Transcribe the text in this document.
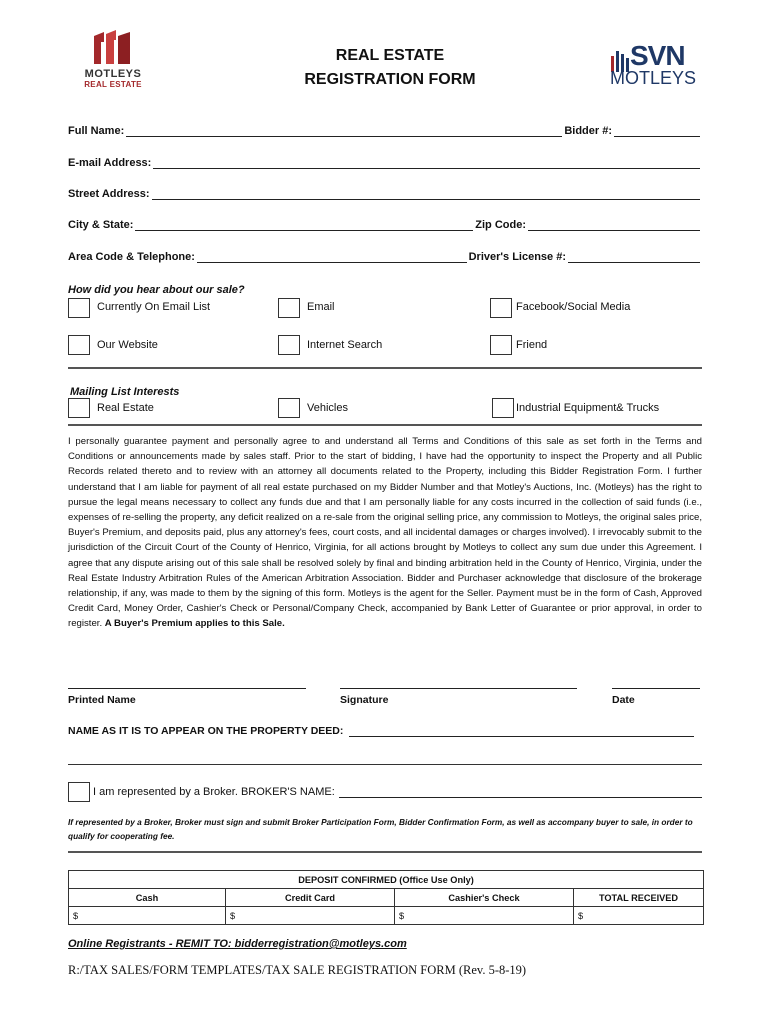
MOTLEYS
REAL ESTATE
REAL ESTATE
REGISTRATION FORM
SVN
MOTLEYS
Full Name:	Bidder #:
E-mail Address:
Street Address:
City & State:	Zip Code:
Area Code & Telephone:	Driver's License #:
How did you hear about our sale?
Currently On Email List	Email	Facebook/Social Media
Our Website	Internet Search	Friend
Mailing List Interests
Real Estate	Vehicles	Industrial Equipment& Trucks
I personally guarantee payment and personally agree to and understand all Terms and Conditions of this sale as set forth in the Terms and Conditions or announcements made by sales staff. Prior to the start of bidding, I have had the opportunity to inspect the Property and all Public Records related thereto and to review with an attorney all documents related to the Property, including this Bidder Registration Form. I further understand that I am liable for payment of all real estate purchased on my Bidder Number and that Motley's Auctions, Inc. (Motleys) has the right to pursue the legal means necessary to collect any funds due and that I am personally liable for any costs incurred in the collection of said funds (i.e., expenses of re-selling the property, any deficit realized on a re-sale from the original selling price, any commission to Motleys, the original sales price, Buyer's Premium, and deposits paid, plus any attorney's fees, court costs, and all incidental damages or charges involved). I irrevocably submit to the jurisdiction of the Circuit Court of the County of Henrico, Virginia, for all actions brought by Motleys to collect any sum due under this Agreement. I agree that any dispute arising out of this sale shall be resolved solely by final and binding arbitration held in the County of Henrico, Virginia, under the Real Estate Industry Arbitration Rules of the American Arbitration Association. Bidder and Purchaser acknowledge that disclosure of the brokerage relationship, if any, was made to them by the signing of this form. Motleys is the agent for the Seller. Payment must be in the form of Cash, Approved Credit Card, Money Order, Cashier's Check or Personal/Company Check, accompanied by Bank Letter of Guarantee or prior approval, in order to register. A Buyer's Premium applies to this Sale.
Printed Name	Signature	Date
NAME AS IT IS TO APPEAR ON THE PROPERTY DEED:
I am represented by a Broker. BROKER'S NAME:
If represented by a Broker, Broker must sign and submit Broker Participation Form, Bidder Confirmation Form, as well as accompany buyer to sale, in order to qualify for cooperating fee.
DEPOSIT CONFIRMED (Office Use Only)			
Cash	Credit Card	Cashier's Check	TOTAL RECEIVED
$	$	$	$
Online Registrants - REMIT TO: bidderregistration@motleys.com
R:/TAX SALES/FORM TEMPLATES/TAX SALE REGISTRATION FORM (Rev. 5-8-19)
